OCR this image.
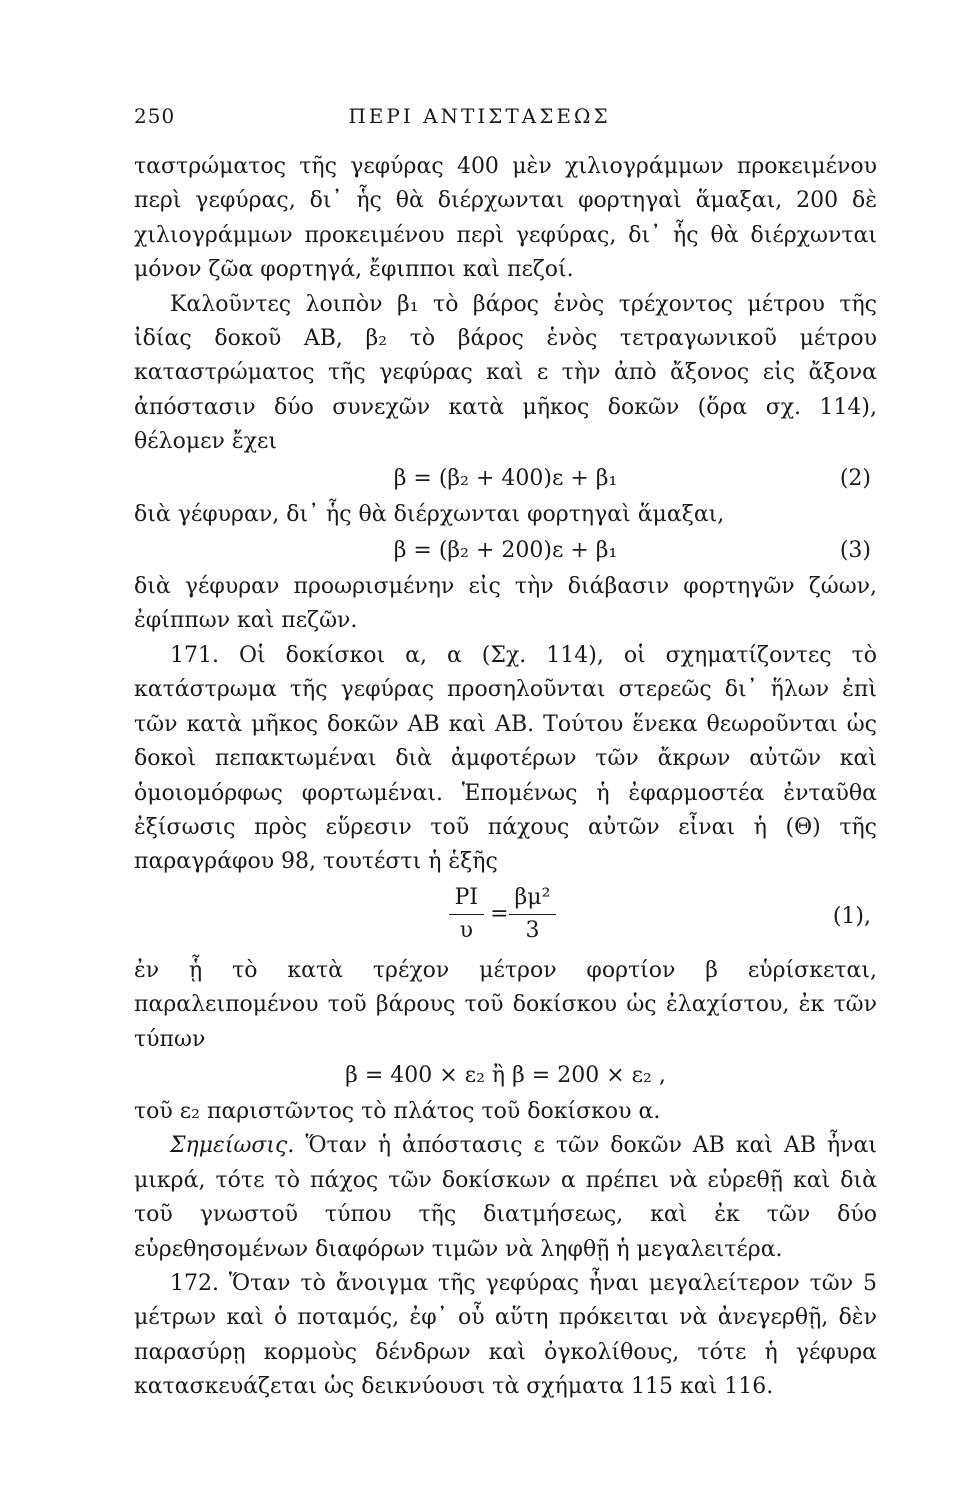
250	ΠΕΡΙ ΑΝΤΙΣΤΑΣΕΩΣ

ταστρώματος τῆς γεφύρας 400 μὲν χιλιογράμμων προκειμένου περὶ γεφύρας, δι᾽ ἧς θὰ διέρχωνται φορτηγαὶ ἅμαξαι, 200 δὲ χιλιογράμμων προκειμένου περὶ γεφύρας, δι᾽ ἧς θὰ διέρχωνται μόνον ζῶα φορτηγά, ἔφιπποι καὶ πεζοί.

Καλοῦντες λοιπὸν β₁ τὸ βάρος ἑνὸς τρέχοντος μέτρου τῆς ἰδίας δοκοῦ ΑΒ, β₂ τὸ βάρος ἑνὸς τετραγωνικοῦ μέτρου καταστρώματος τῆς γεφύρας καὶ ε τὴν ἀπὸ ἄξονος εἰς ἄξονα ἀπόστασιν δύο συνεχῶν κατὰ μῆκος δοκῶν (ὅρα σχ. 114), θέλομεν ἔχει

β = (β₂ + 400)ε + β₁	(2)

διὰ γέφυραν, δι᾽ ἧς θὰ διέρχωνται φορτηγαὶ ἅμαξαι,

β = (β₂ + 200)ε + β₁	(3)

διὰ γέφυραν προωρισμένην εἰς τὴν διάβασιν φορτηγῶν ζώων, ἐφίππων καὶ πεζῶν.

171. Οἱ δοκίσκοι α, α (Σχ. 114), οἱ σχηματίζοντες τὸ κατάστρωμα τῆς γεφύρας προσηλοῦνται στερεῶς δι᾽ ἥλων ἐπὶ τῶν κατὰ μῆκος δοκῶν ΑΒ καὶ ΑΒ. Τούτου ἕνεκα θεωροῦνται ὡς δοκοὶ πεπακτωμέναι διὰ ἀμφοτέρων τῶν ἄκρων αὐτῶν καὶ ὁμοιομόρφως φορτωμέναι. Ἑπομένως ἡ ἐφαρμοστέα ἐνταῦθα ἐξίσωσις πρὸς εὕρεσιν τοῦ πάχους αὐτῶν εἶναι ἡ (Θ) τῆς παραγράφου 98, τουτέστι ἡ ἑξῆς

$\frac{PI}{\upsilon} = \frac{\text{βμ²}}{3}$	(1),

ἐν ᾗ τὸ κατὰ τρέχον μέτρον φορτίον β εὑρίσκεται, παραλειπομένου τοῦ βάρους τοῦ δοκίσκου ὡς ἐλαχίστου, ἐκ τῶν τύπων

β = 400 × ε₂ ἢ β = 200 × ε₂ ,

τοῦ ε₂ παριστῶντος τὸ πλάτος τοῦ δοκίσκου α.

Σημείωσις. Ὅταν ἡ ἀπόστασις ε τῶν δοκῶν ΑΒ καὶ ΑΒ ἦναι μικρά, τότε τὸ πάχος τῶν δοκίσκων α πρέπει νὰ εὑρεθῇ καὶ διὰ τοῦ γνωστοῦ τύπου τῆς διατμήσεως, καὶ ἐκ τῶν δύο εὑρεθησομένων διαφόρων τιμῶν νὰ ληφθῇ ἡ μεγαλειτέρα.

172. Ὅταν τὸ ἄνοιγμα τῆς γεφύρας ἦναι μεγαλείτερον τῶν 5 μέτρων καὶ ὁ ποταμός, ἐφ᾽ οὗ αὕτη πρόκειται νὰ ἀνεγερθῇ, δὲν παρασύρῃ κορμοὺς δένδρων καὶ ὀγκολίθους, τότε ἡ γέφυρα κατασκευάζεται ὡς δεικνύουσι τὰ σχήματα 115 καὶ 116.
